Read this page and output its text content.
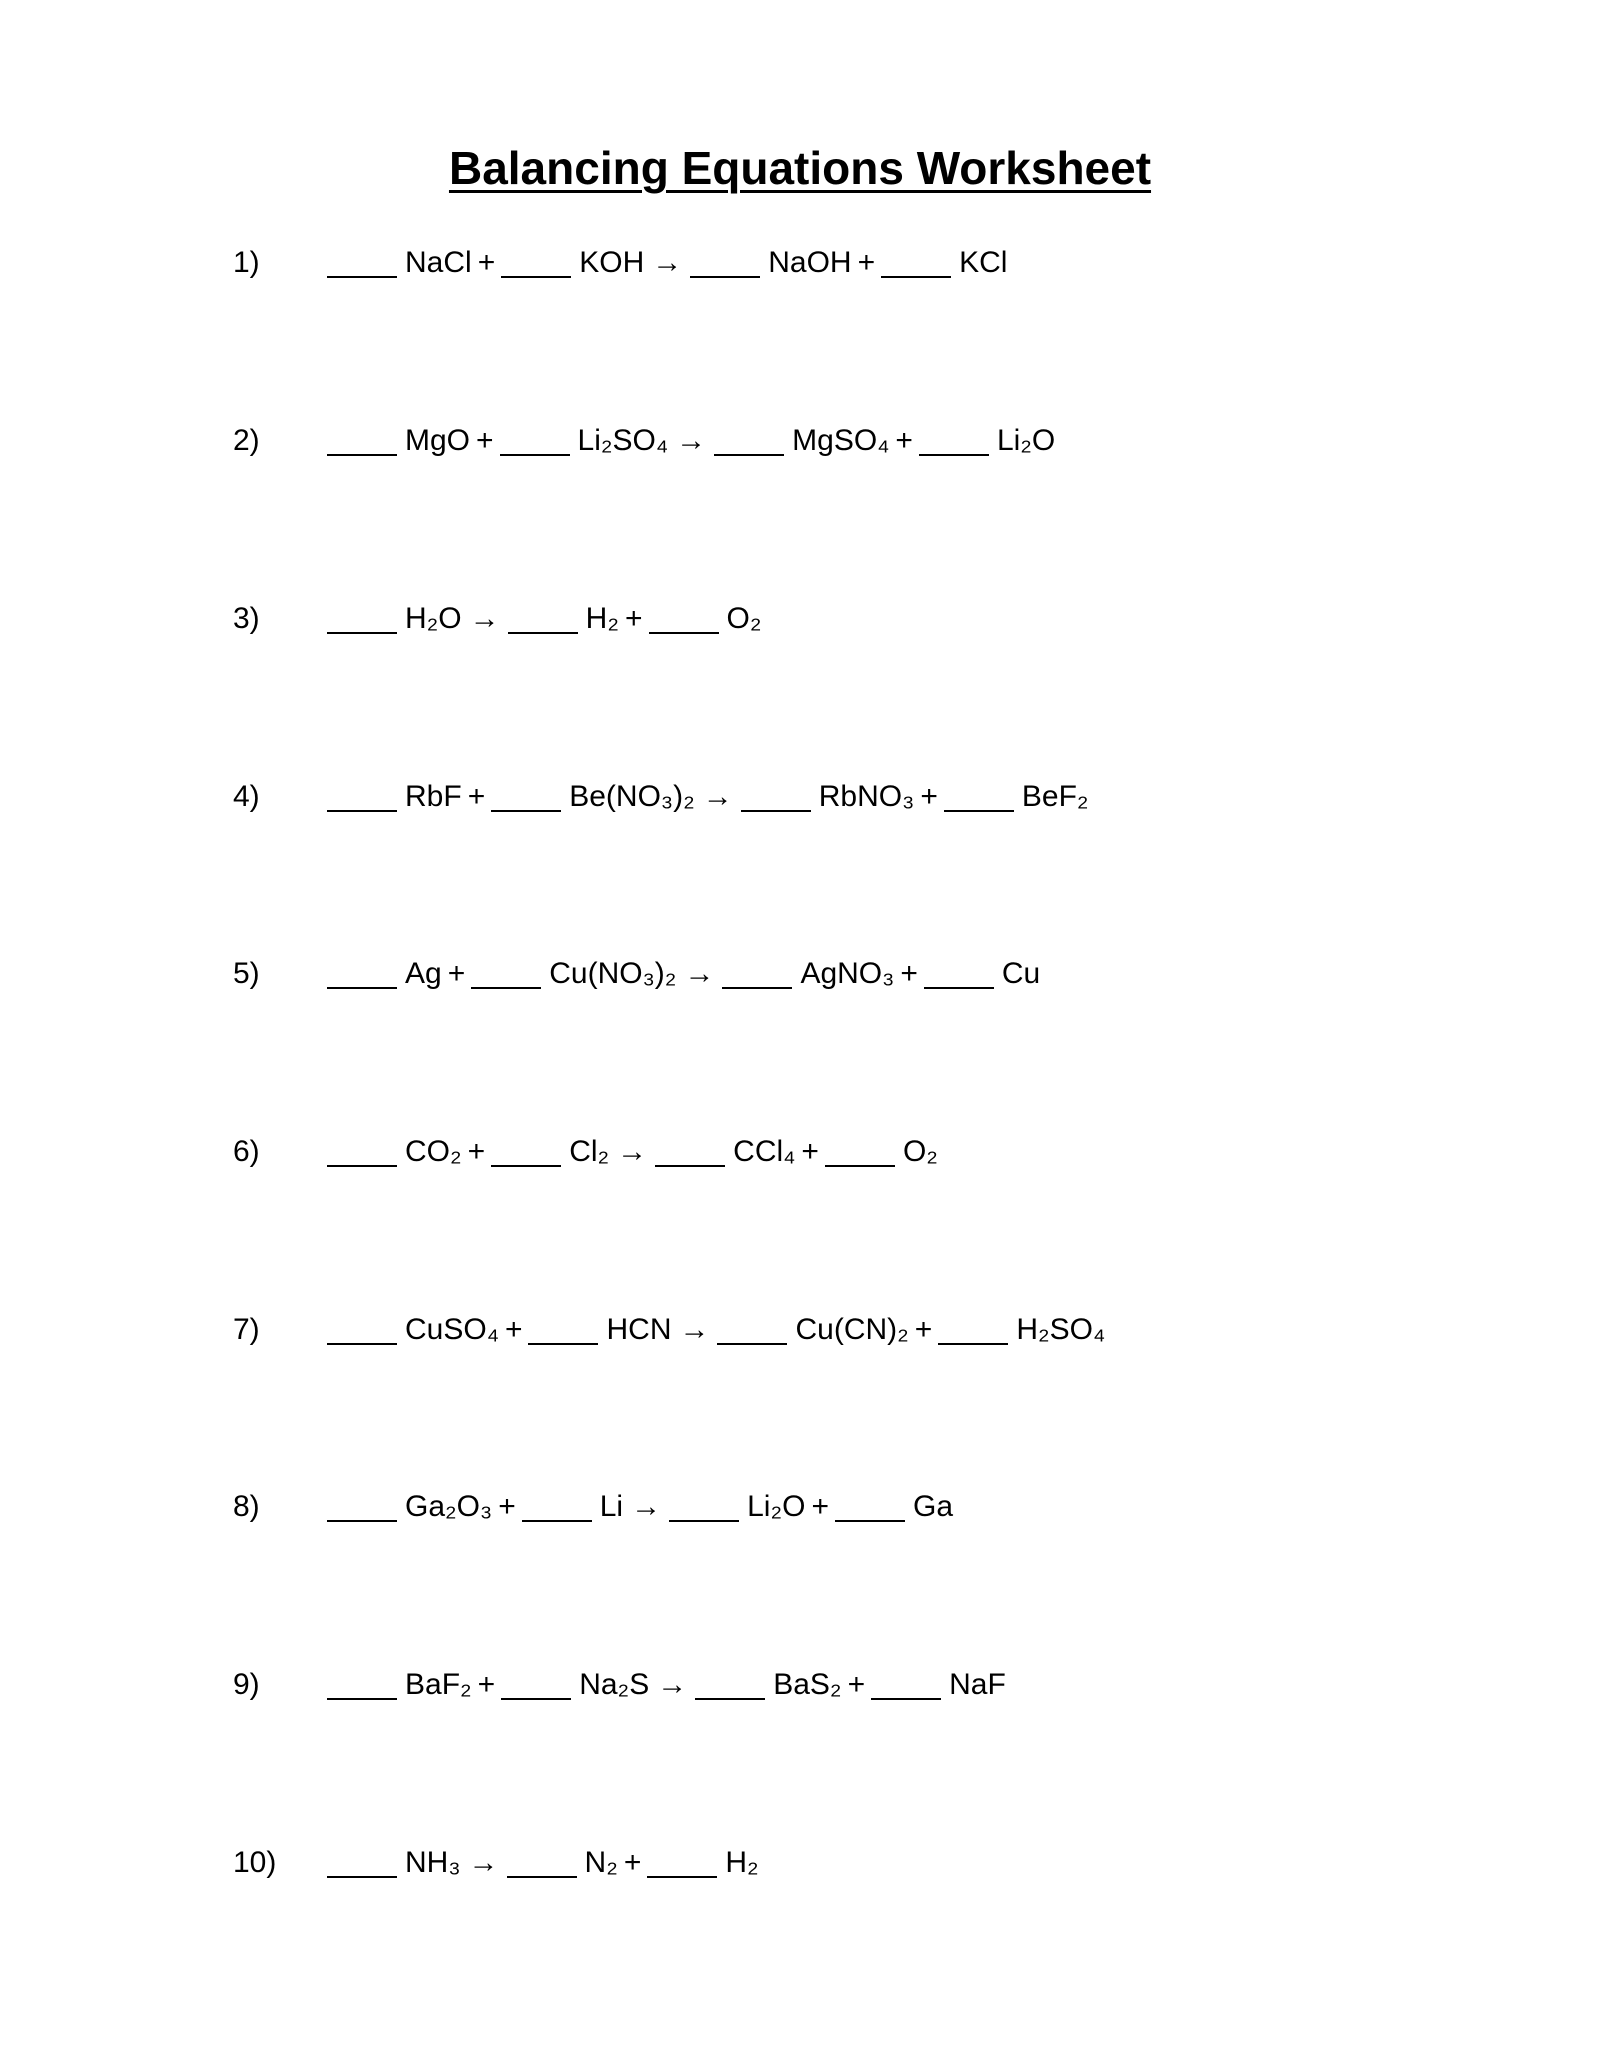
Balancing Equations Worksheet
1)	NaCl +	KOH →	NaOH +	KCl
2)	MgO +	Li₂SO₄ →	MgSO₄ +	Li₂O
3)	H₂O →	H₂ +	O₂
4)	RbF +	Be(NO₃)₂ →	RbNO₃ +	BeF₂
5)	Ag +	Cu(NO₃)₂ →	AgNO₃ +	Cu
6)	CO₂ +	Cl₂ →	CCl₄ +	O₂
7)	CuSO₄ +	HCN →	Cu(CN)₂ +	H₂SO₄
8)	Ga₂O₃ +	Li →	Li₂O +	Ga
9)	BaF₂ +	Na₂S →	BaS₂ +	NaF
10)	NH₃ →	N₂ +	H₂
